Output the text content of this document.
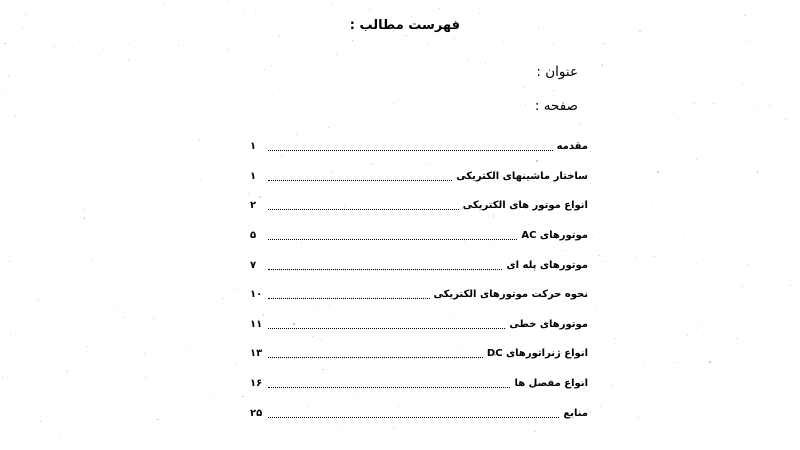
فهرست مطالب :
عنوان :
صفحه :
مقدمه
۱
ساختار ماشینهای الکتریکی
۱
انواع موتور های الکتریکی
۲
موتورهای AC
۵
موتورهای پله ای
۷
نحوه حرکت موتورهای الکتریکی
۱۰
موتورهای خطی
۱۱
انواع ژنراتورهای DC
۱۳
انواع مفصل ها
۱۶
منابع
۲۵
